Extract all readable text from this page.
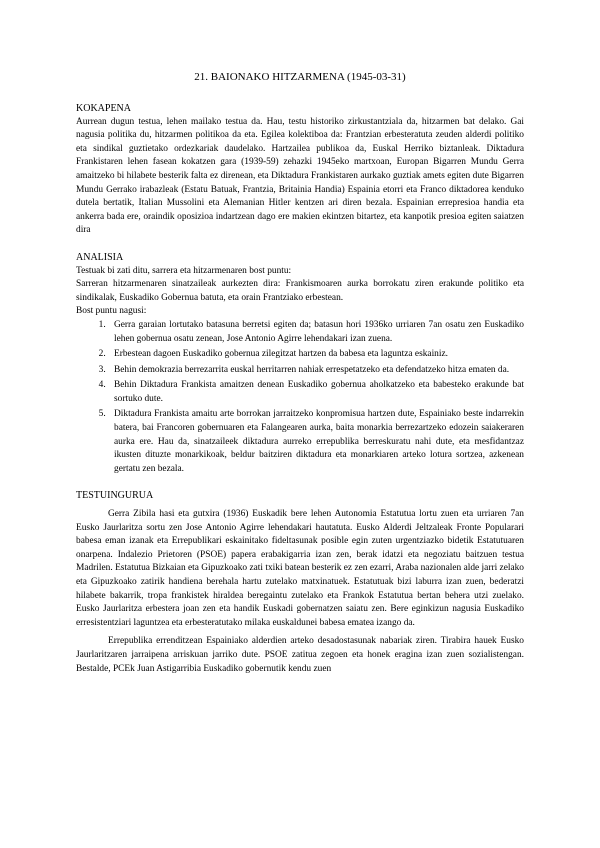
21. BAIONAKO HITZARMENA (1945-03-31)
KOKAPENA

Aurrean dugun testua, lehen mailako testua da. Hau, testu historiko zirkustantziala da, hitzarmen bat delako. Gai nagusia politika du, hitzarmen politikoa da eta. Egilea kolektiboa da: Frantzian erbesteratuta zeuden alderdi politiko eta sindikal guztietako ordezkariak daudelako. Hartzailea publikoa da, Euskal Herriko biztanleak. Diktadura Frankistaren lehen fasean kokatzen gara (1939-59) zehazki 1945eko martxoan, Europan Bigarren Mundu Gerra amaitzeko bi hilabete besterik falta ez direnean, eta Diktadura Frankistaren aurkako guztiak amets egiten dute Bigarren Mundu Gerrako irabazleak (Estatu Batuak, Frantzia, Britainia Handia) Espainia etorri eta Franco diktadorea kenduko dutela bertatik, Italian Mussolini eta Alemanian Hitler kentzen ari diren bezala. Espainian errepresioa handia eta ankerra bada ere, oraindik oposizioa indartzean dago ere makien ekintzen bitartez, eta kanpotik presioa egiten saiatzen dira

ANALISIA

Testuak bi zati ditu, sarrera eta hitzarmenaren bost puntu:

Sarreran hitzarmenaren sinatzaileak aurkezten dira: Frankismoaren aurka borrokatu ziren erakunde politiko eta sindikalak, Euskadiko Gobernua batuta, eta orain Frantziako erbestean.

Bost puntu nagusi:

1. Gerra garaian lortutako batasuna berretsi egiten da; batasun hori 1936ko urriaren 7an osatu zen Euskadiko lehen gobernua osatu zenean, Jose Antonio Agirre lehendakari izan zuena.
2. Erbestean dagoen Euskadiko gobernua zilegitzat hartzen da babesa eta laguntza eskainiz.
3. Behin demokrazia berrezarrita euskal herritarren nahiak errespetatzeko eta defendatzeko hitza ematen da.
4. Behin Diktadura Frankista amaitzen denean Euskadiko gobernua aholkatzeko eta babesteko erakunde bat sortuko dute.
5. Diktadura Frankista amaitu arte borrokan jarraitzeko konpromisua hartzen dute, Espainiako beste indarrekin batera, bai Francoren gobernuaren eta Falangearen aurka, baita monarkia berrezartzeko edozein saiakeraren aurka ere. Hau da, sinatzaileek diktadura aurreko errepublika berreskuratu nahi dute, eta mesfidantzaz ikusten dituzte monarkikoak, beldur baitziren diktadura eta monarkiaren arteko lotura sortzea, azkenean gertatu zen bezala.
TESTUINGURUA

Gerra Zibila hasi eta gutxira (1936) Euskadik bere lehen Autonomia Estatutua lortu zuen eta urriaren 7an Eusko Jaurlaritza sortu zen Jose Antonio Agirre lehendakari hautatuta. Eusko Alderdi Jeltzaleak Fronte Popularari babesa eman izanak eta Errepublikari eskainitako fideltasunak posible egin zuten urgentziazko bidetik Estatutuaren onarpena. Indalezio Prietoren (PSOE) papera erabakigarria izan zen, berak idatzi eta negoziatu baitzuen testua Madrilen. Estatutua Bizkaian eta Gipuzkoako zati txiki batean besterik ez zen ezarri, Araba nazionalen alde jarri zelako eta Gipuzkoako zatirik handiena berehala hartu zutelako matxinatuek. Estatutuak bizi laburra izan zuen, bederatzi hilabete bakarrik, tropa frankistek hiraldea beregaintu zutelako eta Frankok Estatutua bertan behera utzi zuelako. Eusko Jaurlaritza erbestera joan zen eta handik Euskadi gobernatzen saiatu zen. Bere eginkizun nagusia Euskadiko erresistentziari laguntzea eta erbesteratutako milaka euskaldunei babesa ematea izango da.

Errepublika errenditzean Espainiako alderdien arteko desadostasunak nabariak ziren. Tirabira hauek Eusko Jaurlaritzaren jarraipena arriskuan jarriko dute. PSOE zatitua zegoen eta honek eragina izan zuen sozialistengan. Bestalde, PCEk Juan Astigarribia Euskadiko gobernutik kendu zuen
